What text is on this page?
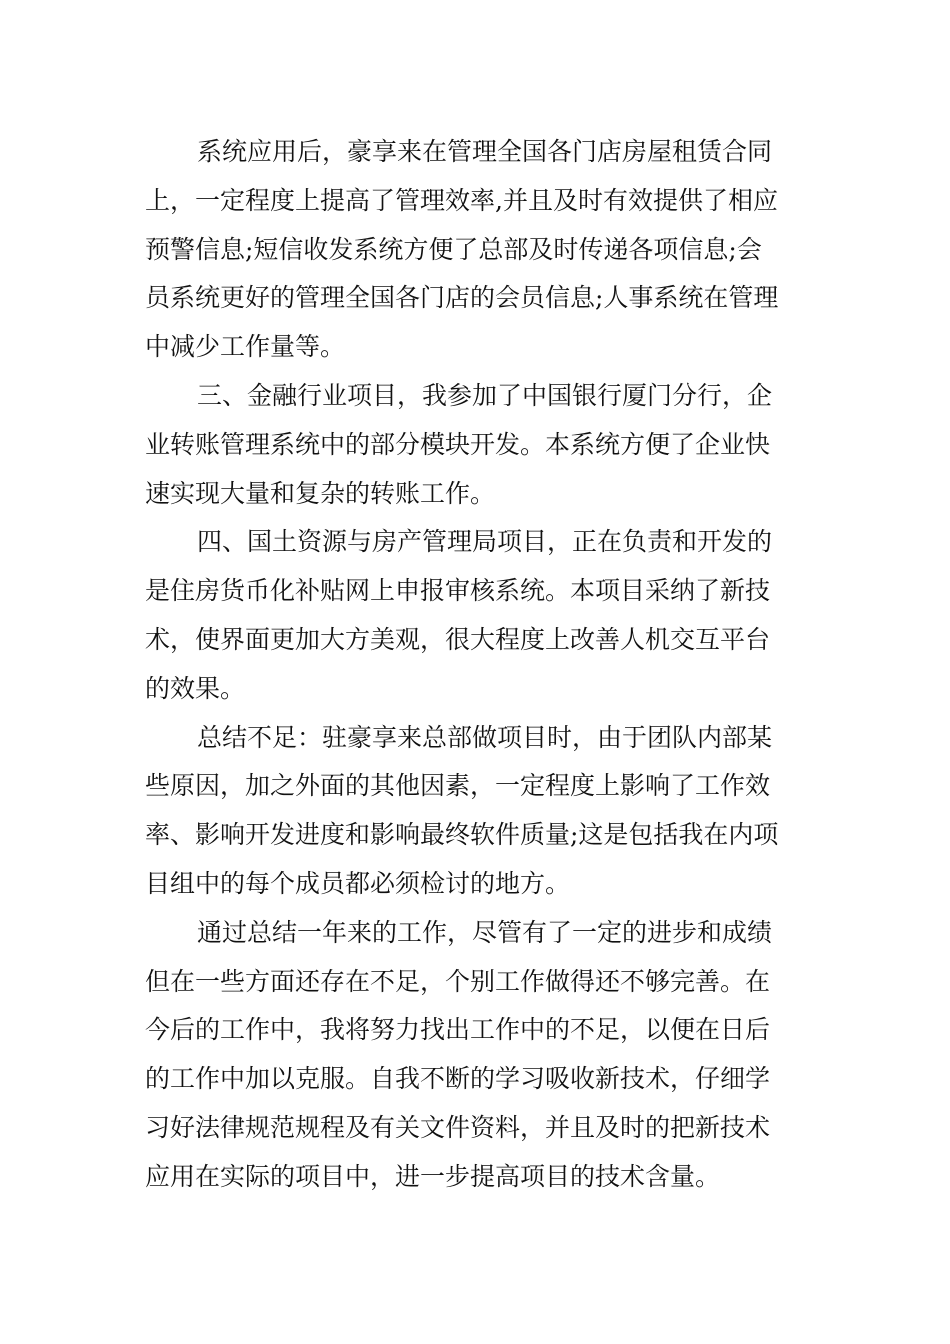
系统应用后，豪享来在管理全国各门店房屋租赁合同
上，一定程度上提高了管理效率,并且及时有效提供了相应
预警信息;短信收发系统方便了总部及时传递各项信息;会
员系统更好的管理全国各门店的会员信息;人事系统在管理
中减少工作量等。

三、金融行业项目，我参加了中国银行厦门分行，企
业转账管理系统中的部分模块开发。本系统方便了企业快
速实现大量和复杂的转账工作。

四、国土资源与房产管理局项目，正在负责和开发的
是住房货币化补贴网上申报审核系统。本项目采纳了新技
术，使界面更加大方美观，很大程度上改善人机交互平台
的效果。

总结不足：驻豪享来总部做项目时，由于团队内部某
些原因，加之外面的其他因素，一定程度上影响了工作效
率、影响开发进度和影响最终软件质量;这是包括我在内项
目组中的每个成员都必须检讨的地方。

通过总结一年来的工作，尽管有了一定的进步和成绩
但在一些方面还存在不足，个别工作做得还不够完善。在
今后的工作中，我将努力找出工作中的不足，以便在日后
的工作中加以克服。自我不断的学习吸收新技术，仔细学
习好法律规范规程及有关文件资料，并且及时的把新技术
应用在实际的项目中，进一步提高项目的技术含量。
